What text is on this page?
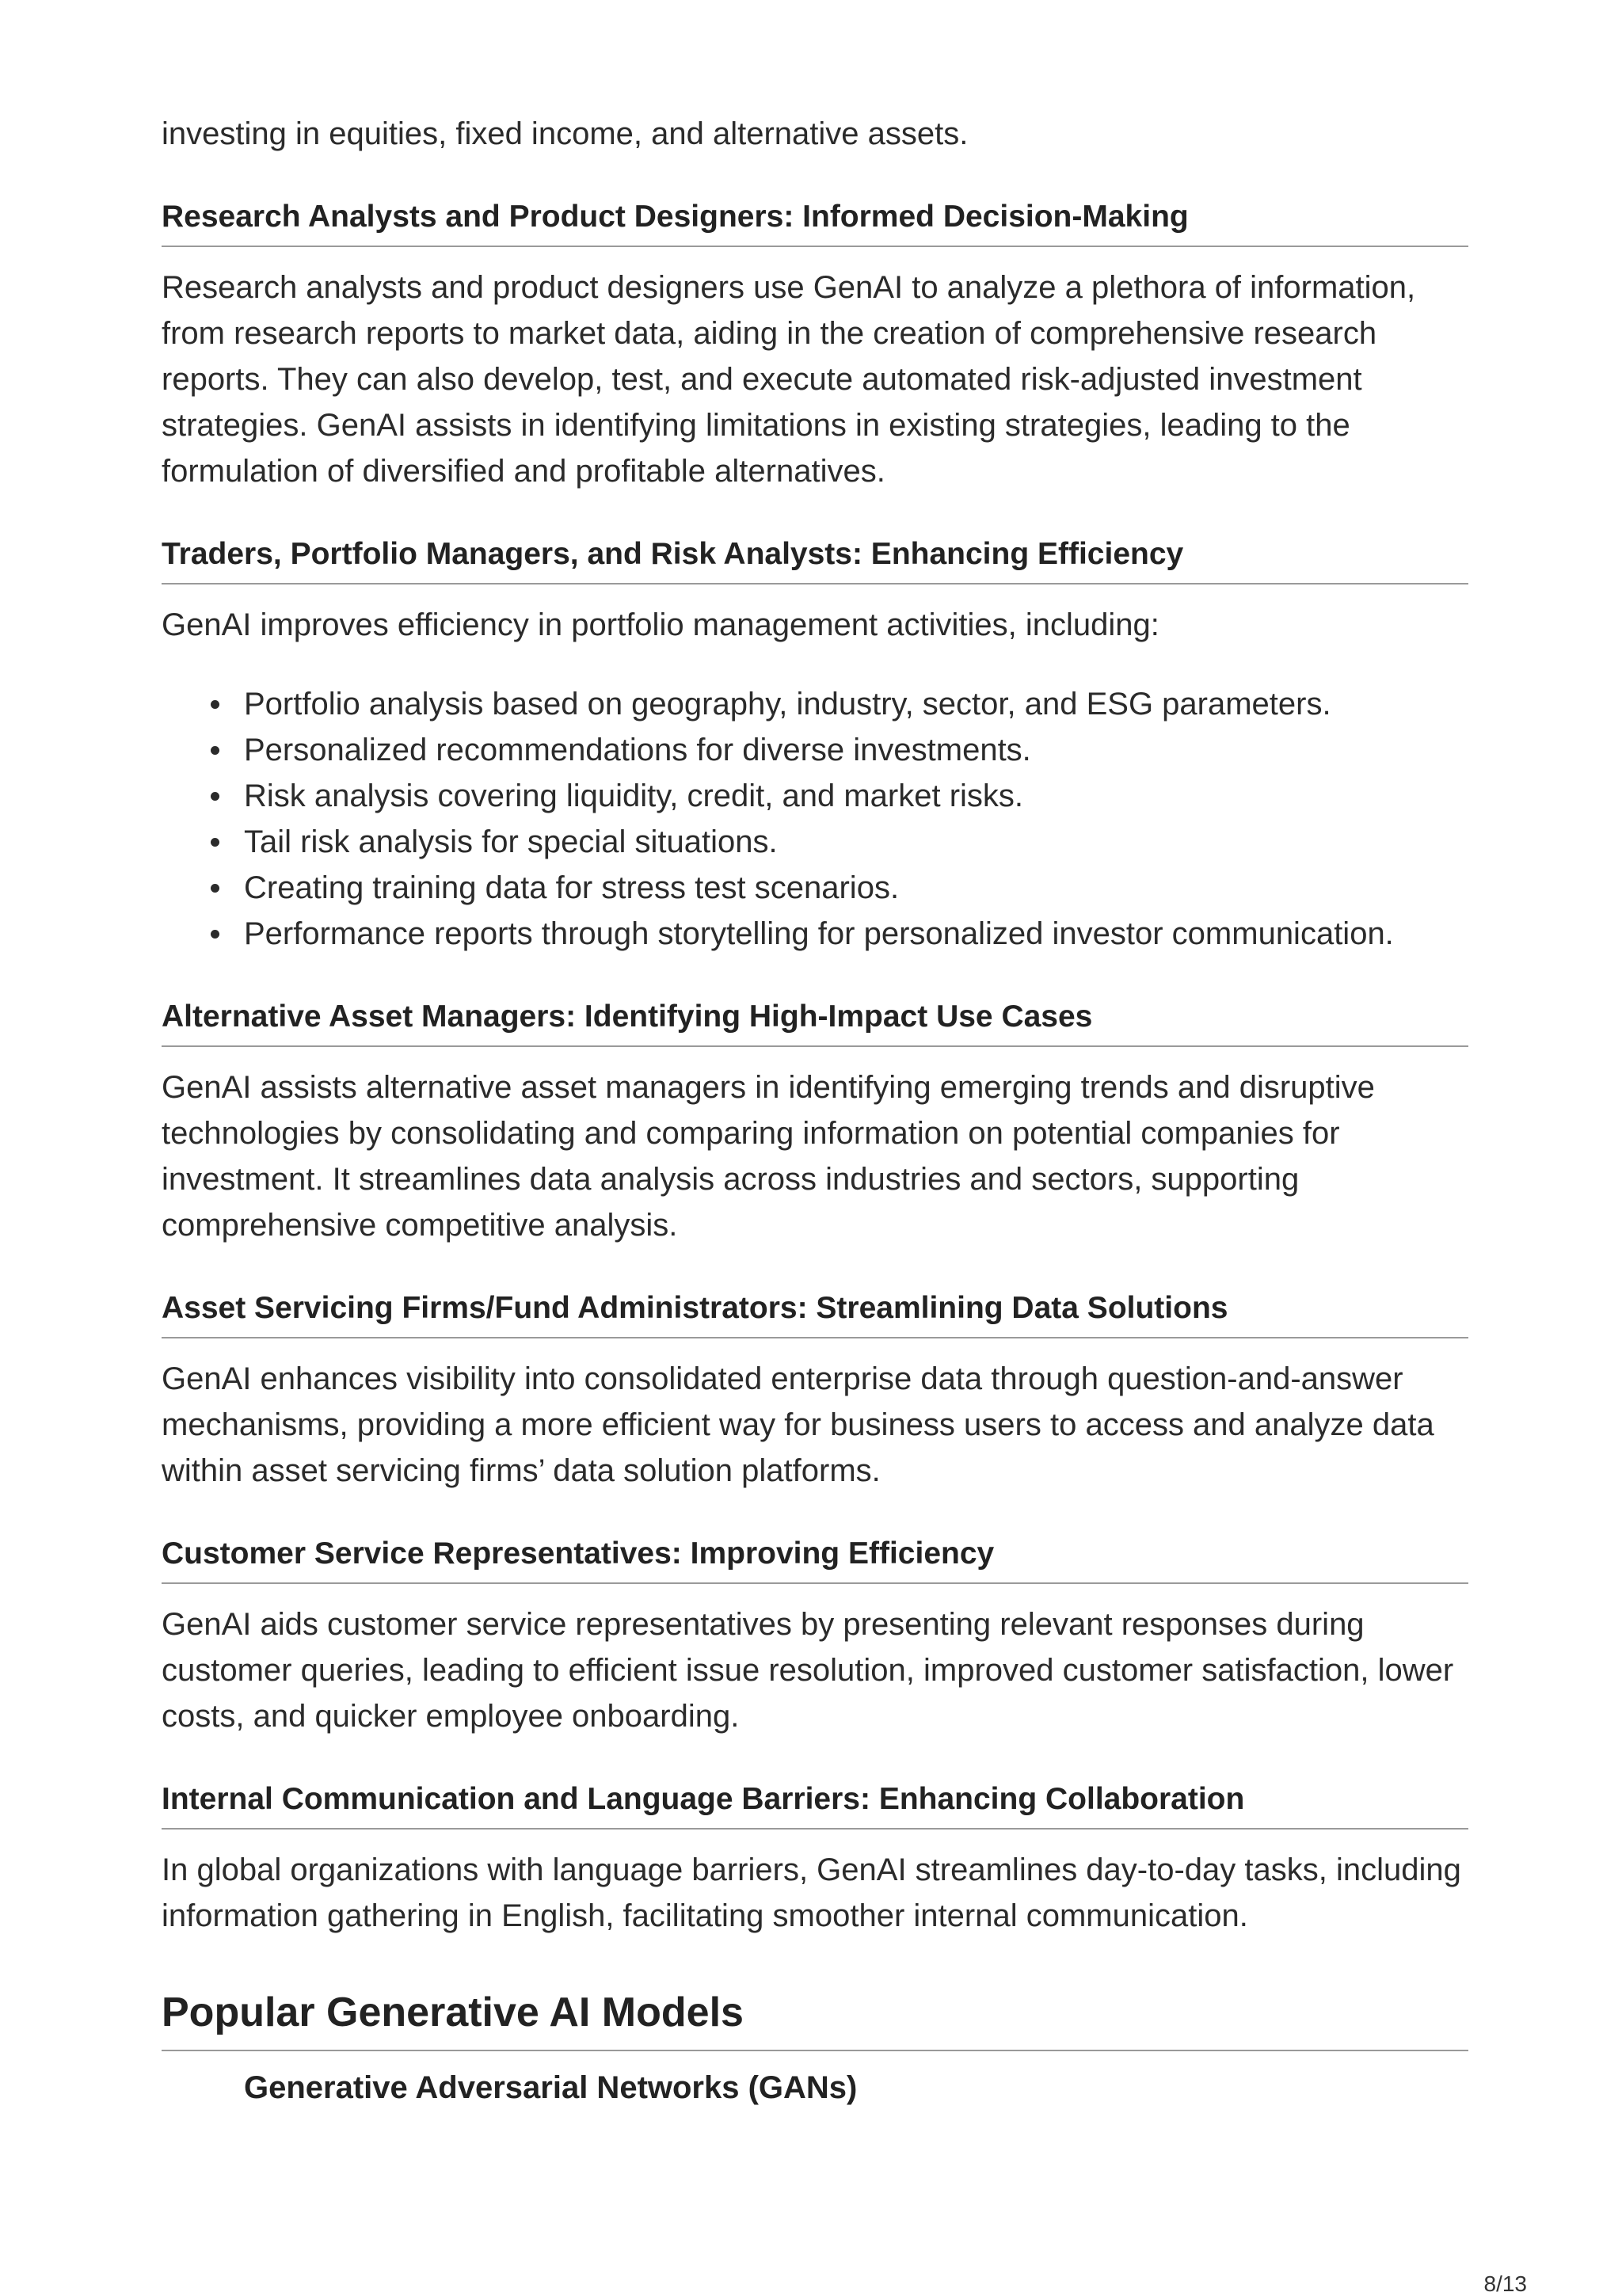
investing in equities, fixed income, and alternative assets.

Research Analysts and Product Designers: Informed Decision-Making

Research analysts and product designers use GenAI to analyze a plethora of information, from research reports to market data, aiding in the creation of comprehensive research reports. They can also develop, test, and execute automated risk-adjusted investment strategies. GenAI assists in identifying limitations in existing strategies, leading to the formulation of diversified and profitable alternatives.

Traders, Portfolio Managers, and Risk Analysts: Enhancing Efficiency

GenAI improves efficiency in portfolio management activities, including:

Portfolio analysis based on geography, industry, sector, and ESG parameters.
Personalized recommendations for diverse investments.
Risk analysis covering liquidity, credit, and market risks.
Tail risk analysis for special situations.
Creating training data for stress test scenarios.
Performance reports through storytelling for personalized investor communication.
Alternative Asset Managers: Identifying High-Impact Use Cases

GenAI assists alternative asset managers in identifying emerging trends and disruptive technologies by consolidating and comparing information on potential companies for investment. It streamlines data analysis across industries and sectors, supporting comprehensive competitive analysis.

Asset Servicing Firms/Fund Administrators: Streamlining Data Solutions

GenAI enhances visibility into consolidated enterprise data through question-and-answer mechanisms, providing a more efficient way for business users to access and analyze data within asset servicing firms’ data solution platforms.

Customer Service Representatives: Improving Efficiency

GenAI aids customer service representatives by presenting relevant responses during customer queries, leading to efficient issue resolution, improved customer satisfaction, lower costs, and quicker employee onboarding.

Internal Communication and Language Barriers: Enhancing Collaboration

In global organizations with language barriers, GenAI streamlines day-to-day tasks, including information gathering in English, facilitating smoother internal communication.

Popular Generative AI Models

Generative Adversarial Networks (GANs)

8/13
